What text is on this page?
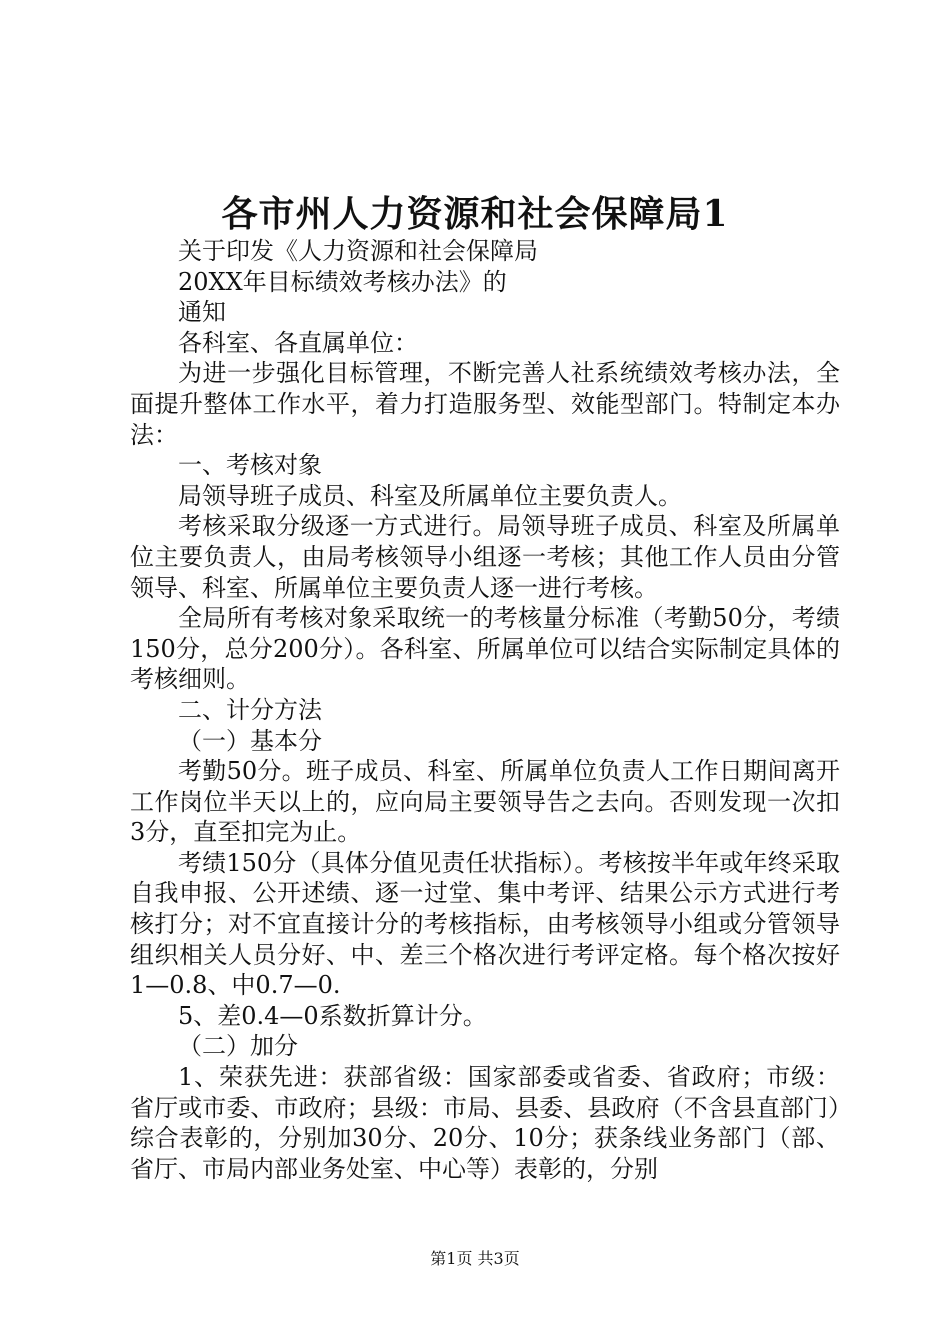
各市州人力资源和社会保障局1

关于印发《人力资源和社会保障局

20XX年目标绩效考核办法》的

通知

各科室、各直属单位：

为进一步强化目标管理，不断完善人社系统绩效考核办法，全面提升整体工作水平，着力打造服务型、效能型部门。特制定本办法：

一、考核对象

局领导班子成员、科室及所属单位主要负责人。

考核采取分级逐一方式进行。局领导班子成员、科室及所属单位主要负责人，由局考核领导小组逐一考核；其他工作人员由分管领导、科室、所属单位主要负责人逐一进行考核。

全局所有考核对象采取统一的考核量分标准（考勤50分，考绩150分，总分200分）。各科室、所属单位可以结合实际制定具体的考核细则。

二、计分方法

（一）基本分

考勤50分。班子成员、科室、所属单位负责人工作日期间离开工作岗位半天以上的，应向局主要领导告之去向。否则发现一次扣3分，直至扣完为止。

考绩150分（具体分值见责任状指标）。考核按半年或年终采取自我申报、公开述绩、逐一过堂、集中考评、结果公示方式进行考核打分；对不宜直接计分的考核指标，由考核领导小组或分管领导组织相关人员分好、中、差三个格次进行考评定格。每个格次按好1—0.8、中0.7—0.

5、差0.4—0系数折算计分。

（二）加分

1、荣获先进：获部省级：国家部委或省委、省政府；市级：省厅或市委、市政府；县级：市局、县委、县政府（不含县直部门）综合表彰的，分别加30分、20分、10分；获条线业务部门（部、省厅、市局内部业务处室、中心等）表彰的，分别

第1页 共3页
